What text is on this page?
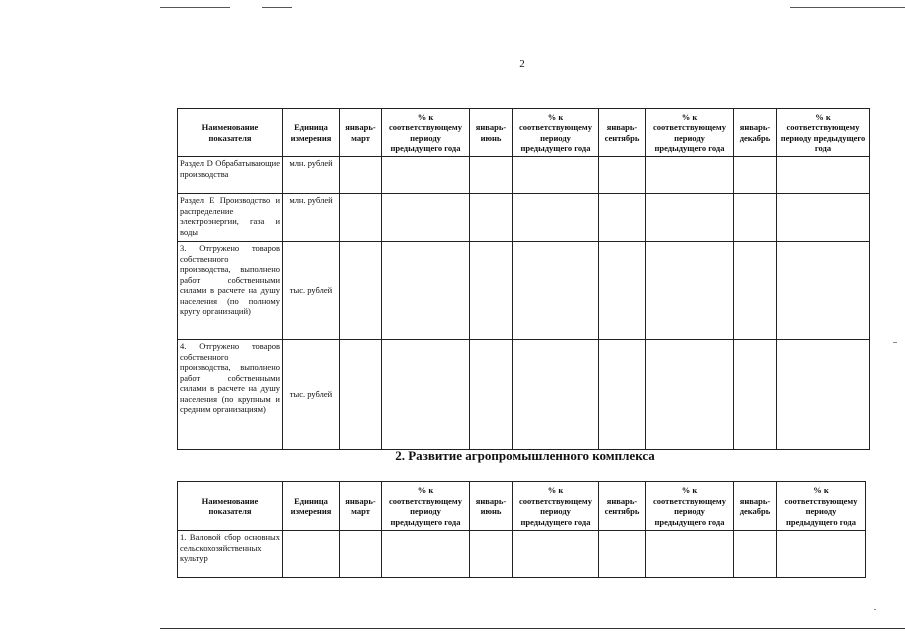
2
Наименование показателя	Единица измерения	январь-март	% к соответствующему периоду предыдущего года	январь-июнь	% к соответствующему периоду предыдущего года	январь-сентябрь	% к соответствующему периоду предыдущего года	январь-декабрь	% к соответствующему периоду предыдущего года
Раздел D Обрабатывающие производства	млн. рублей								
Раздел E Производство и распределение электроэнергии, газа и воды	млн. рублей								
3. Отгружено товаров собственного производства, выполнено работ собственными силами в расчете на душу населения (по полному кругу организаций)	тыс. рублей								
4. Отгружено товаров собственного производства, выполнено работ собственными силами в расчете на душу населения (по крупным и средним организациям)	тыс. рублей								
2. Развитие агропромышленного комплекса
Наименование показателя	Единица измерения	январь-март	% к соответствующему периоду предыдущего года	январь-июнь	% к соответствующему периоду предыдущего года	январь-сентябрь	% к соответствующему периоду предыдущего года	январь-декабрь	% к соответствующему периоду предыдущего года
1. Валовой сбор основных сельскохозяйственных культур									
